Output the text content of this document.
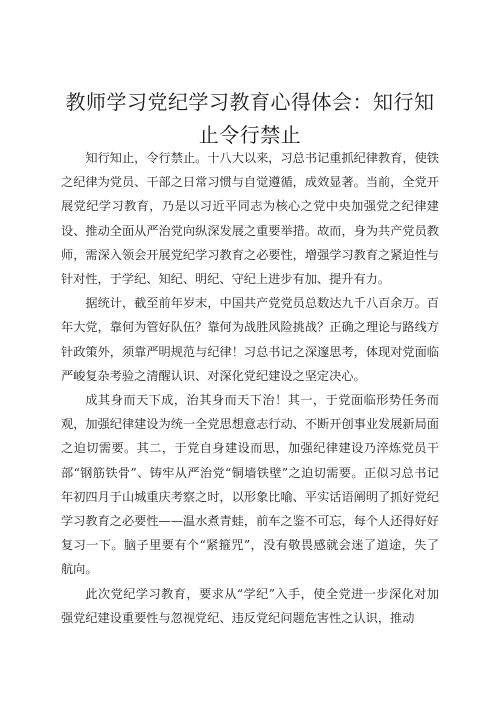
教师学习党纪学习教育心得体会：知行知止令行禁止

知行知止，令行禁止。十八大以来，习总书记重抓纪律教育，使铁之纪律为党员、干部之日常习惯与自觉遵循，成效显著。当前，全党开展党纪学习教育，乃是以习近平同志为核心之党中央加强党之纪律建设、推动全面从严治党向纵深发展之重要举措。故而，身为共产党员教师，需深入领会开展党纪学习教育之必要性，增强学习教育之紧迫性与针对性，于学纪、知纪、明纪、守纪上进步有加、提升有力。

据统计，截至前年岁末，中国共产党党员总数达九千八百余万。百年大党，靠何为管好队伍？靠何为战胜风险挑战？正确之理论与路线方针政策外，须靠严明规范与纪律！习总书记之深邃思考，体现对党面临严峻复杂考验之清醒认识、对深化党纪建设之坚定决心。

成其身而天下成，治其身而天下治！其一，于党面临形势任务而观，加强纪律建设为统一全党思想意志行动、不断开创事业发展新局面之迫切需要。其二，于党自身建设而思，加强纪律建设乃淬炼党员干部“钢筋铁骨”、铸牢从严治党“铜墙铁壁”之迫切需要。正似习总书记年初四月于山城重庆考察之时，以形象比喻、平实话语阐明了抓好党纪学习教育之必要性——温水煮青蛙，前车之鉴不可忘，每个人还得好好复习一下。脑子里要有个“紧箍咒”，没有敬畏感就会迷了道途，失了航向。

此次党纪学习教育，要求从“学纪”入手，使全党进一步深化对加强党纪建设重要性与忽视党纪、违反党纪问题危害性之认识，推动
